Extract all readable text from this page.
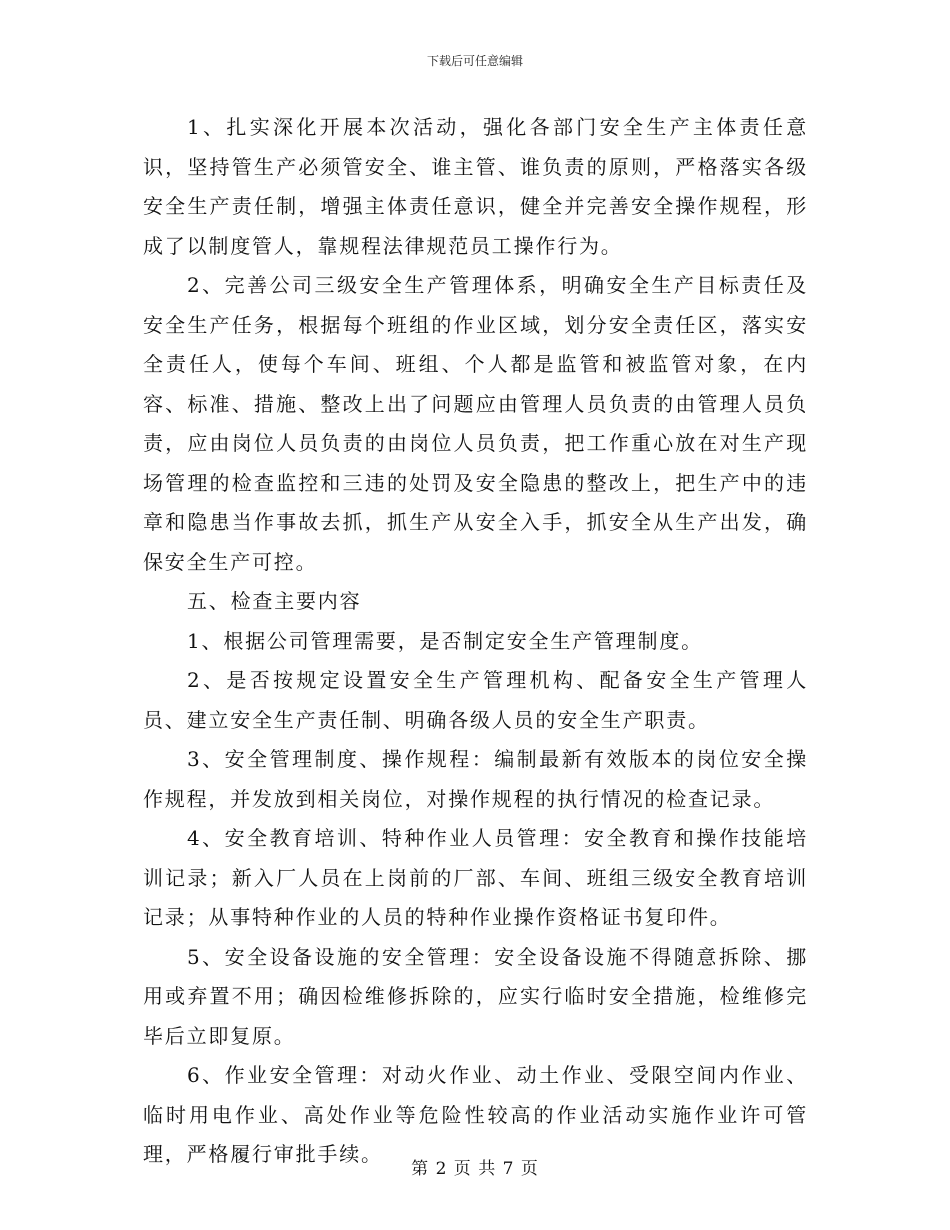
下载后可任意编辑

1、扎实深化开展本次活动，强化各部门安全生产主体责任意识，坚持管生产必须管安全、谁主管、谁负责的原则，严格落实各级安全生产责任制，增强主体责任意识，健全并完善安全操作规程，形成了以制度管人，靠规程法律规范员工操作行为。

2、完善公司三级安全生产管理体系，明确安全生产目标责任及安全生产任务，根据每个班组的作业区域，划分安全责任区，落实安全责任人，使每个车间、班组、个人都是监管和被监管对象，在内容、标准、措施、整改上出了问题应由管理人员负责的由管理人员负责，应由岗位人员负责的由岗位人员负责，把工作重心放在对生产现场管理的检查监控和三违的处罚及安全隐患的整改上，把生产中的违章和隐患当作事故去抓，抓生产从安全入手，抓安全从生产出发，确保安全生产可控。

五、检查主要内容

1、根据公司管理需要，是否制定安全生产管理制度。

2、是否按规定设置安全生产管理机构、配备安全生产管理人员、建立安全生产责任制、明确各级人员的安全生产职责。

3、安全管理制度、操作规程：编制最新有效版本的岗位安全操作规程，并发放到相关岗位，对操作规程的执行情况的检查记录。

4、安全教育培训、特种作业人员管理：安全教育和操作技能培训记录；新入厂人员在上岗前的厂部、车间、班组三级安全教育培训记录；从事特种作业的人员的特种作业操作资格证书复印件。

5、安全设备设施的安全管理：安全设备设施不得随意拆除、挪用或弃置不用；确因检维修拆除的，应实行临时安全措施，检维修完毕后立即复原。

6、作业安全管理：对动火作业、动土作业、受限空间内作业、临时用电作业、高处作业等危险性较高的作业活动实施作业许可管理，严格履行审批手续。

第 2 页 共 7 页
